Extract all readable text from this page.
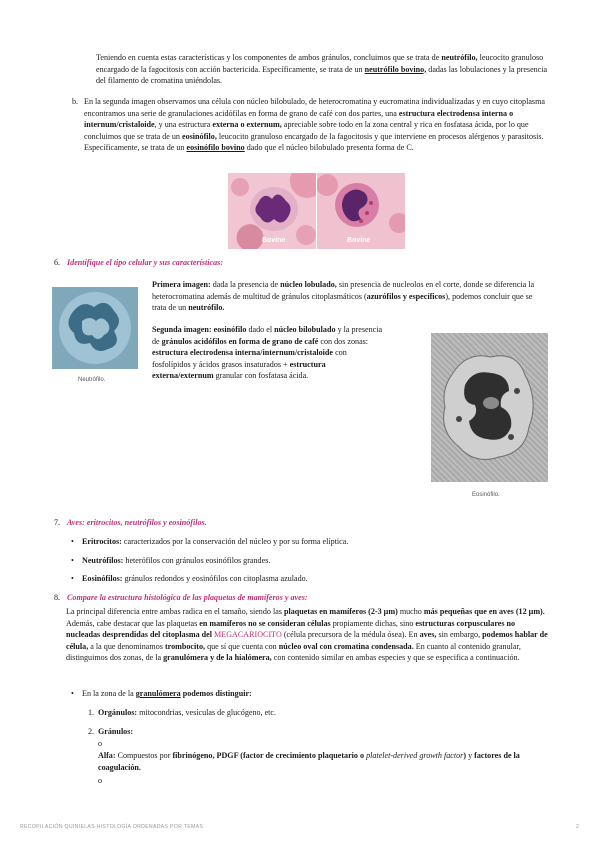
Teniendo en cuenta estas características y los componentes de ambos gránulos, concluimos que se trata de neutrófilo, leucocito granuloso encargado de la fagocitosis con acción bactericida. Específicamente, se trata de un neutrófilo bovino, dadas las lobulaciones y la presencia del filamento de cromatina uniéndolas.

b. En la segunda imagen observamos una célula con núcleo bilobulado, de heterocromatina y eucromatina individualizadas y en cuyo citoplasma encontramos una serie de granulaciones acidófilas en forma de grano de café con dos partes, una estructura electrodensa interna o internum/cristaloide, y una estructura externa o externum, apreciable sobre todo en la zona central y rica en fosfatasa ácida, por lo que concluimos que se trata de un eosinófilo, leucocito granuloso encargado de la fagocitosis y que interviene en procesos alérgenos y parasitosis. Específicamente, se trata de un eosinófilo bovino dado que el núcleo bilobulado presenta forma de C.

Bovine	Bovine
6. Identifique el tipo celular y sus características:
Neutrófilo.

Primera imagen: dada la presencia de núcleo lobulado, sin presencia de nucleolos en el corte, donde se diferencia la heterocromatina además de multitud de gránulos citoplasmáticos (azurófilos y específicos), podemos concluir que se trata de un neutrófilo.

Segunda imagen: eosinófilo dado el núcleo bilobulado y la presencia de gránulos acidófilos en forma de grano de café con dos zonas: estructura electrodensa interna/internum/cristaloide con fosfolípidos y ácidos grasos insaturados + estructura externa/externum granular con fosfatasa ácida.

Eosinófilo.
7. Aves: eritrocitos, neutrófilos y eosinófilos.
• Eritrocitos: caracterizados por la conservación del núcleo y por su forma elíptica.
• Neutrófilos: heterófilos con gránulos eosinófilos grandes.
• Eosinófilos: gránulos redondos y eosinófilos con citoplasma azulado.
8. Compare la estructura histológica de las plaquetas de mamíferos y aves:

La principal diferencia entre ambas radica en el tamaño, siendo las plaquetas en mamíferos (2-3 µm) mucho más pequeñas que en aves (12 µm). Además, cabe destacar que las plaquetas en mamíferos no se consideran células propiamente dichas, sino estructuras corpusculares no nucleadas desprendidas del citoplasma del MEGACARIOCITO (célula precursora de la médula ósea). En aves, sin embargo, podemos hablar de célula, a la que denominamos trombocito, que sí que cuenta con núcleo oval con cromatina condensada. En cuanto al contenido granular, distinguimos dos zonas, de la granulómera y de la hialómera, con contenido similar en ambas especies y que se especifica a continuación.

• En la zona de la granulómera podemos distinguir:
1. Orgánulos: mitocondrias, vesículas de glucógeno, etc.
2. Gránulos:
o

Alfa: Compuestos por fibrinógeno, PDGF (factor de crecimiento plaquetario o platelet-derived growth factor) y factores de la coagulación.

o
RECOPILACIÓN QUINIELAS HISTOLOGÍA ORDENADAS POR TEMAS	2
